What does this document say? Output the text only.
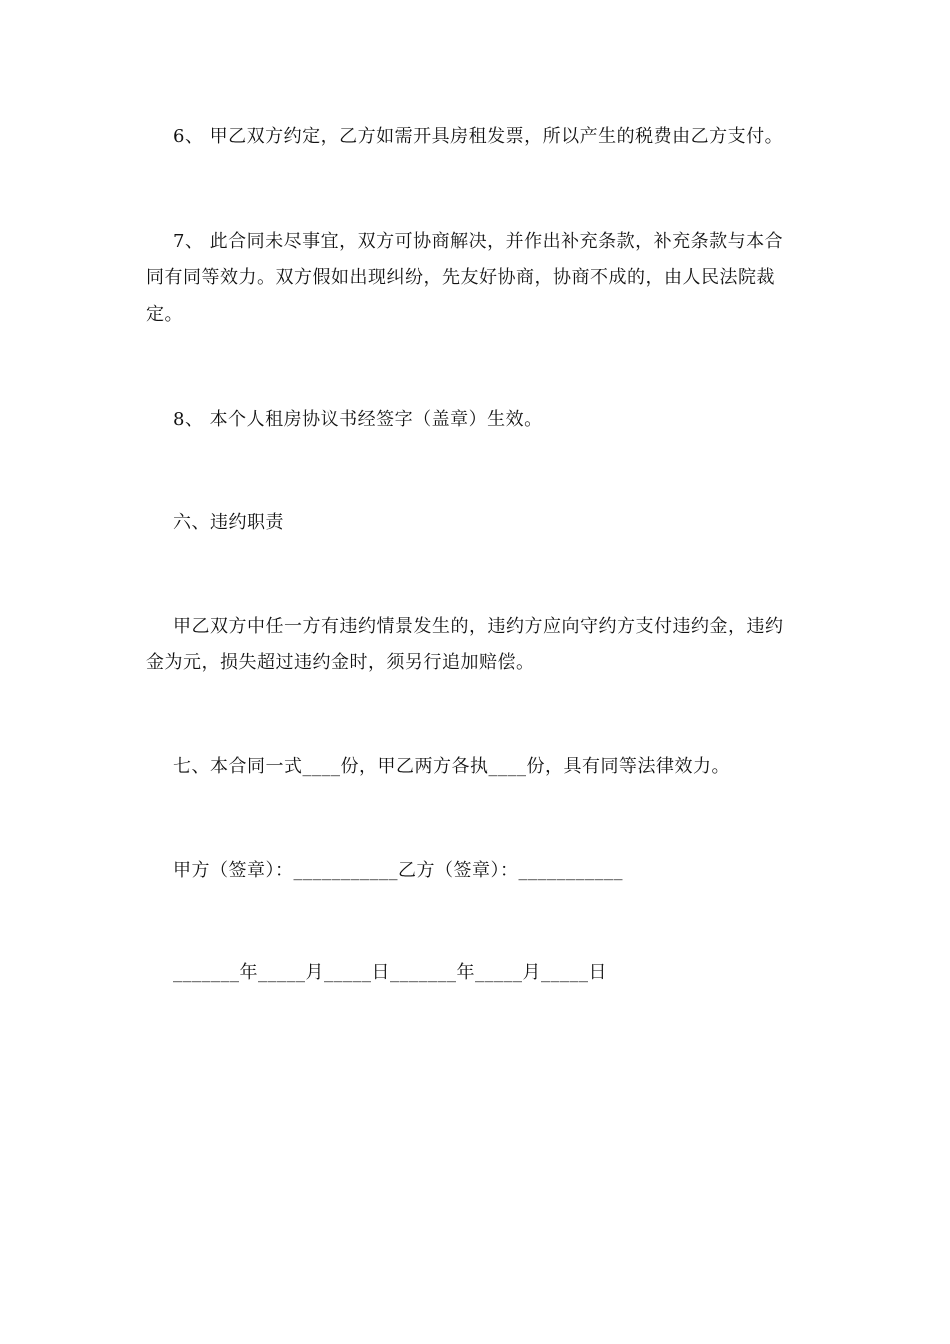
6、 甲乙双方约定，乙方如需开具房租发票，所以产生的税费由乙方支付。
7、 此合同未尽事宜，双方可协商解决，并作出补充条款，补充条款与本合
同有同等效力。双方假如出现纠纷，先友好协商，协商不成的，由人民法院裁
定。
8、 本个人租房协议书经签字（盖章）生效。
六、违约职责
甲乙双方中任一方有违约情景发生的，违约方应向守约方支付违约金，违约
金为元，损失超过违约金时，须另行追加赔偿。
七、本合同一式____份，甲乙两方各执____份，具有同等法律效力。
甲方（签章）：___________乙方（签章）：___________
_______年_____月_____日_______年_____月_____日
